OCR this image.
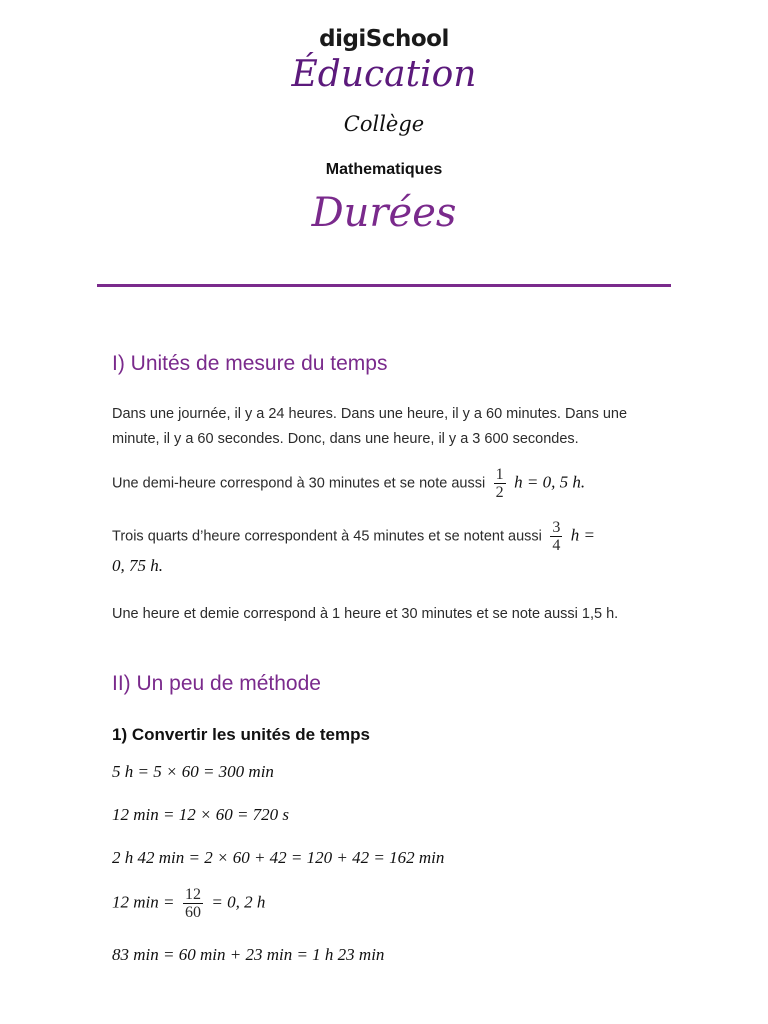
digiSchool
Éducation
Collège
Mathematiques
Durées
I) Unités de mesure du temps

Dans une journée, il y a 24 heures. Dans une heure, il y a 60 minutes. Dans une minute, il y a 60 secondes. Donc, dans une heure, il y a 3 600 secondes.

Une demi-heure correspond à 30 minutes et se note aussi $\frac{1}{2}$ h = 0, 5 h.
Trois quarts d’heure correspondent à 45 minutes et se notent aussi $\frac{3}{4}$ h =
0, 75 h.

Une heure et demie correspond à 1 heure et 30 minutes et se note aussi 1,5 h.

II) Un peu de méthode
1) Convertir les unités de temps
5 h = 5 × 60 = 300 min
12 min = 12 × 60 = 720 s
2 h 42 min = 2 × 60 + 42 = 120 + 42 = 162 min
12 $\min = \frac{12}{60} = 0$, 2 h
83 min = 60 min + 23 min = 1 h 23 min
